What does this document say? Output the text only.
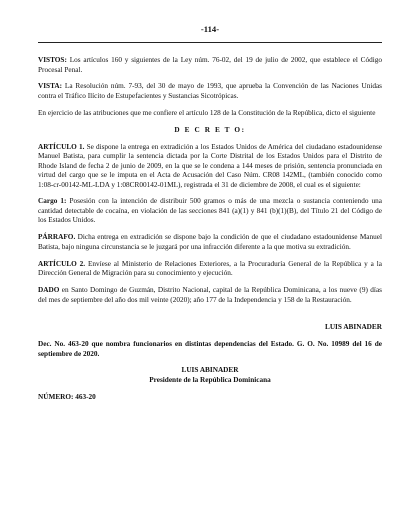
-114-

VISTOS: Los artículos 160 y siguientes de la Ley núm. 76-02, del 19 de julio de 2002, que establece el Código Procesal Penal.

VISTA: La Resolución núm. 7-93, del 30 de mayo de 1993, que aprueba la Convención de las Naciones Unidas contra el Tráfico Ilícito de Estupefacientes y Sustancias Sicotrópicas.

En ejercicio de las atribuciones que me confiere el artículo 128 de la Constitución de la República, dicto el siguiente

D E C R E T O:

ARTÍCULO 1. Se dispone la entrega en extradición a los Estados Unidos de América del ciudadano estadounidense Manuel Batista, para cumplir la sentencia dictada por la Corte Distrital de los Estados Unidos para el Distrito de Rhode Island de fecha 2 de junio de 2009, en la que se le condena a 144 meses de prisión, sentencia pronunciada en virtud del cargo que se le imputa en el Acta de Acusación del Caso Núm. CR08 142ML, (también conocido como 1:08-cr-00142-ML-LDA y 1:08CR00142-01ML), registrada el 31 de diciembre de 2008, el cual es el siguiente:

Cargo 1: Posesión con la intención de distribuir 500 gramos o más de una mezcla o sustancia conteniendo una cantidad detectable de cocaína, en violación de las secciones 841 (a)(1) y 841 (b)(1)(B), del Título 21 del Código de los Estados Unidos.

PÁRRAFO. Dicha entrega en extradición se dispone bajo la condición de que el ciudadano estadounidense Manuel Batista, bajo ninguna circunstancia se le juzgará por una infracción diferente a la que motiva su extradición.

ARTÍCULO 2. Envíese al Ministerio de Relaciones Exteriores, a la Procuraduría General de la República y a la Dirección General de Migración para su conocimiento y ejecución.

DADO en Santo Domingo de Guzmán, Distrito Nacional, capital de la República Dominicana, a los nueve (9) días del mes de septiembre del año dos mil veinte (2020); año 177 de la Independencia y 158 de la Restauración.

LUIS ABINADER

Dec. No. 463-20 que nombra funcionarios en distintas dependencias del Estado. G. O. No. 10989 del 16 de septiembre de 2020.

LUIS ABINADER
Presidente de la República Dominicana

NÚMERO: 463-20
